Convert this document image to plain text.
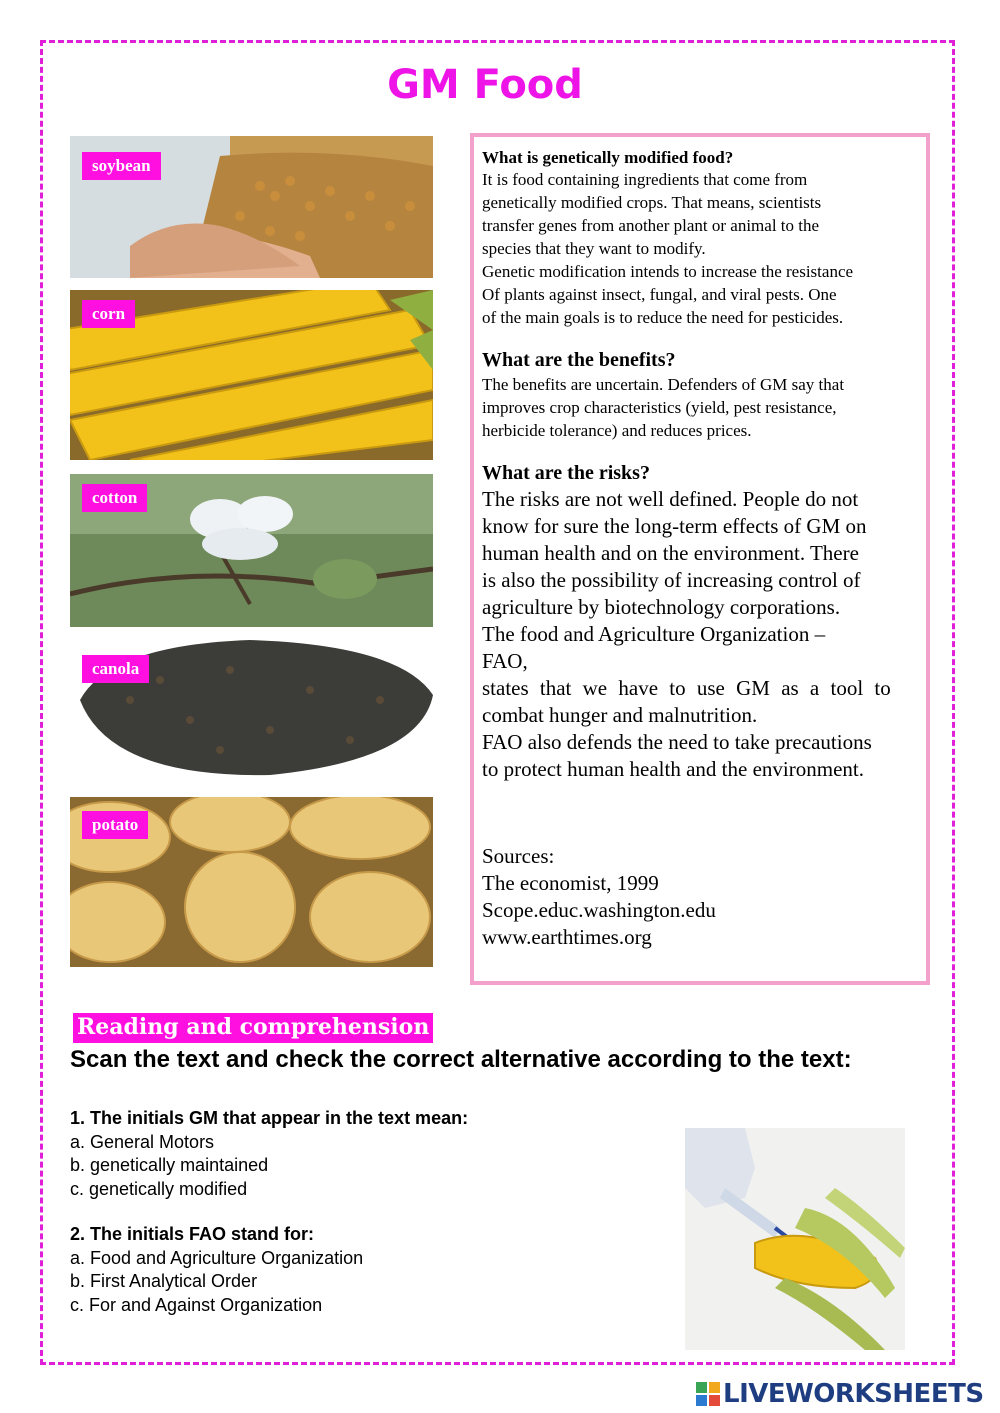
GM Food
soybean
corn
cotton
canola
potato
What is genetically modified food?

It is food containing ingredients that come from

genetically modified crops. That means, scientists

transfer genes from another plant or animal to the

species that they want to modify.

Genetic modification intends to increase the resistance

Of plants against insect, fungal, and viral pests. One

of the main goals is to reduce the need for pesticides.

What are the benefits?

The benefits are uncertain. Defenders of GM say that

improves crop characteristics (yield, pest resistance,

herbicide tolerance) and reduces prices.

What are the risks?

The risks are not well defined. People do not

know for sure the long-term effects of GM on

human health and on the environment. There

is also the possibility of increasing control of

agriculture by biotechnology corporations.

The food and Agriculture Organization –

FAO,

states that we have to use GM as a tool to

combat hunger and malnutrition.

FAO also defends the need to take precautions

to protect human health and the environment.

Sources:

The economist, 1999

Scope.educ.washington.edu

www.earthtimes.org

Reading and comprehension
Scan the text and check the correct alternative according to the text:
1. The initials GM that appear in the text mean:
a. General Motors
b. genetically maintained
c. genetically modified
2. The initials FAO stand for:
a. Food and Agriculture Organization
b. First Analytical Order
c. For and Against Organization
LIVEWORKSHEETS
